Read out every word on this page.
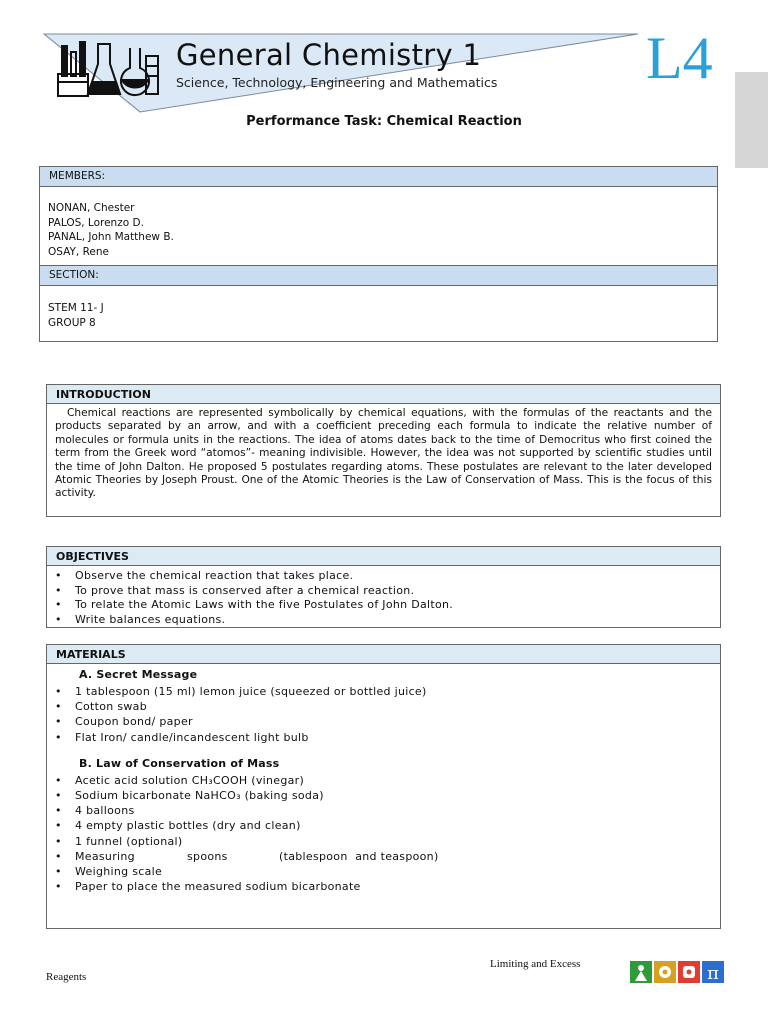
General Chemistry 1
Science, Technology, Engineering and Mathematics L4
Performance Task: Chemical Reaction
MEMBERS:
NONAN, Chester
PALOS, Lorenzo D.
PANAL, John Matthew B.
OSAY, Rene
SECTION:
STEM 11- J
GROUP 8
INTRODUCTION
Chemical reactions are represented symbolically by chemical equations, with the formulas of the reactants and the products separated by an arrow, and with a coefficient preceding each formula to indicate the relative number of molecules or formula units in the reactions. The idea of atoms dates back to the time of Democritus who first coined the term from the Greek word “atomos”- meaning indivisible. However, the idea was not supported by scientific studies until the time of John Dalton. He proposed 5 postulates regarding atoms. These postulates are relevant to the later developed Atomic Theories by Joseph Proust. One of the Atomic Theories is the Law of Conservation of Mass. This is the focus of this activity.
OBJECTIVES
• Observe the chemical reaction that takes place.
• To prove that mass is conserved after a chemical reaction.
• To relate the Atomic Laws with the five Postulates of John Dalton.
• Write balances equations.
MATERIALS
A. Secret Message
• 1 tablespoon (15 ml) lemon juice (squeezed or bottled juice)
• Cotton swab
• Coupon bond/ paper
• Flat Iron/ candle/incandescent light bulb
B. Law of Conservation of Mass
• Acetic acid solution CH₃COOH (vinegar)
• Sodium bicarbonate NaHCO₃ (baking soda)
• 4 balloons
• 4 empty plastic bottles (dry and clean)
• 1 funnel (optional)
• Measuring	spoons	(tablespoon  and teaspoon)
• Weighing scale
• Paper to place the measured sodium bicarbonate
Limiting and Excess
Reagents	π
